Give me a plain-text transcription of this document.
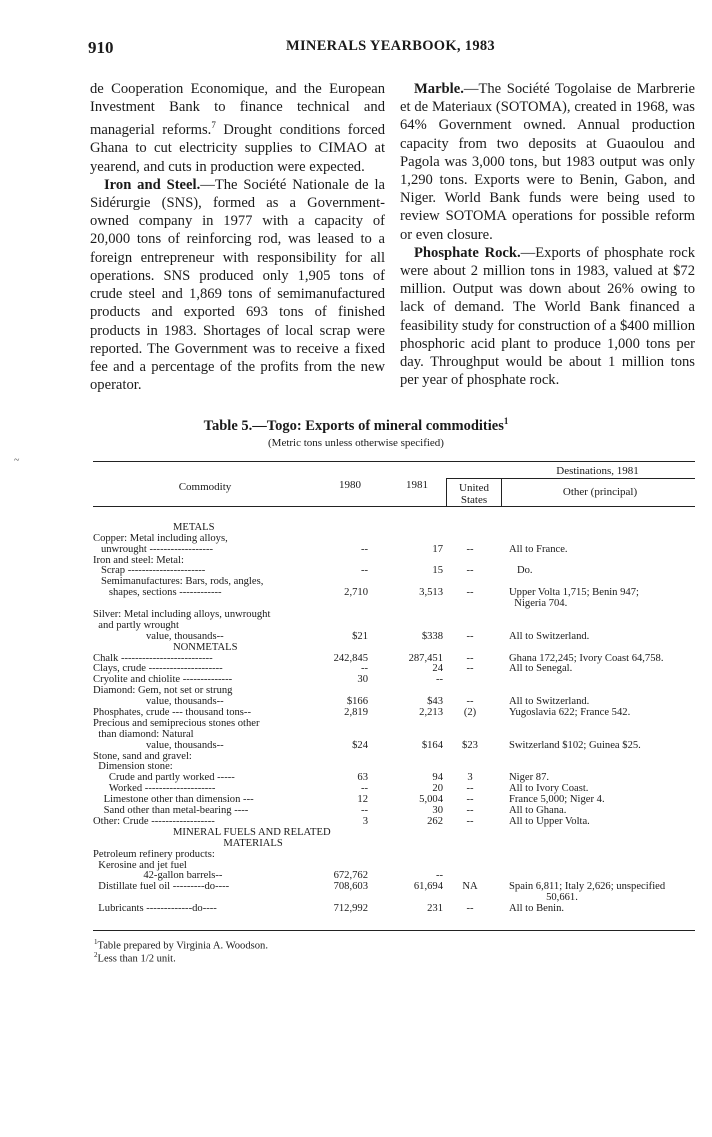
910	MINERALS YEARBOOK, 1983

de Cooperation Economique, and the European Investment Bank to finance technical and managerial reforms.$^7$ Drought conditions forced Ghana to cut electricity supplies to CIMAO at yearend, and cuts in production were expected.

Iron and Steel.—The Société Nationale de la Sidérurgie (SNS), formed as a Government-owned company in 1977 with a capacity of 20,000 tons of reinforcing rod, was leased to a foreign entrepreneur with responsibility for all operations. SNS produced only 1,905 tons of crude steel and 1,869 tons of semimanufactured products and exported 693 tons of finished products in 1983. Shortages of local scrap were reported. The Government was to receive a fixed fee and a percentage of the profits from the new operator.

Marble.—The Société Togolaise de Marbrerie et de Materiaux (SOTOMA), created in 1968, was 64% Government owned. Annual production capacity from two deposits at Guaoulou and Pagola was 3,000 tons, but 1983 output was only 1,290 tons. Exports were to Benin, Gabon, and Niger. World Bank funds were being used to review SOTOMA operations for possible reform or even closure.

Phosphate Rock.—Exports of phosphate rock were about 2 million tons in 1983, valued at $72 million. Output was down about 26% owing to lack of demand. The World Bank financed a feasibility study for construction of a $400 million phosphoric acid plant to produce 1,000 tons per day. Throughput would be about 1 million tons per year of phosphate rock.

Table 5.—Togo: Exports of mineral commodities$^1$
(Metric tons unless otherwise specified)
~
Commodity	1980	1981
Destinations, 1981
United States
Other (principal)
METALS
Copper: Metal including alloys,
unwrought ------------------	--	17	--	All to France.
Iron and steel: Metal:
Scrap ----------------------	--	15	--	Do.
Semimanufactures: Bars, rods, angles,
shapes, sections ------------	2,710	3,513	--	Upper Volta 1,715; Benin 947;
Nigeria 704.
Silver: Metal including alloys, unwrought
and partly wrought
value, thousands--	$21	$338	--	All to Switzerland.
NONMETALS
Chalk --------------------------	242,845	287,451	--	Ghana 172,245; Ivory Coast 64,758.
Clays, crude ---------------------	--	24	--	All to Senegal.
Cryolite and chiolite --------------	30	--
Diamond: Gem, not set or strung
value, thousands--	$166	$43	--	All to Switzerland.
Phosphates, crude --- thousand tons--	2,819	2,213	(2)	Yugoslavia 622; France 542.
Precious and semiprecious stones other
than diamond: Natural
value, thousands--	$24	$164	$23	Switzerland $102; Guinea $25.
Stone, sand and gravel:
Dimension stone:
Crude and partly worked -----	63	94	3	Niger 87.
Worked --------------------	--	20	--	All to Ivory Coast.
Limestone other than dimension ---	12	5,004	--	France 5,000; Niger 4.
Sand other than metal-bearing ----	--	30	--	All to Ghana.
Other: Crude ------------------	3	262	--	All to Upper Volta.
MINERAL FUELS AND RELATED
MATERIALS
Petroleum refinery products:
Kerosine and jet fuel
42-gallon barrels--	672,762	--
Distillate fuel oil ---------do----	708,603	61,694	NA	Spain 6,811; Italy 2,626; unspecified
50,661.
Lubricants -------------do----	712,992	231	--	All to Benin.
$^1$Table prepared by Virginia A. Woodson.
$^2$Less than 1/2 unit.
